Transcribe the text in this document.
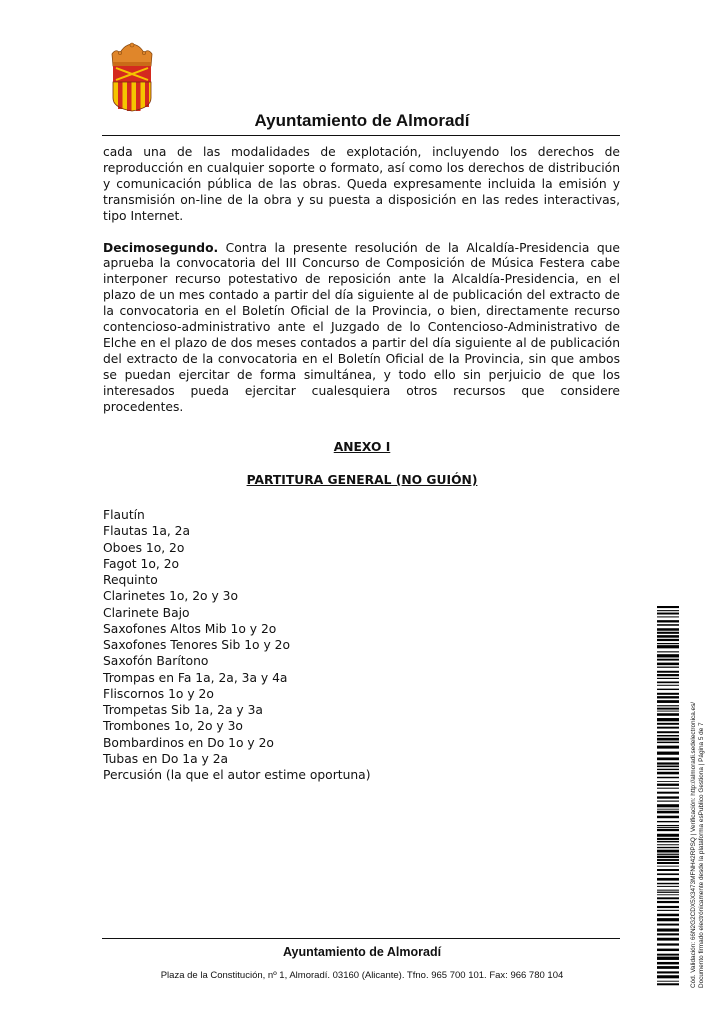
Ayuntamiento de Almoradí

cada una de las modalidades de explotación, incluyendo los derechos de reproducción en cualquier soporte o formato, así como los derechos de distribución y comunicación pública de las obras. Queda expresamente incluida la emisión y transmisión on-line de la obra y su puesta a disposición en las redes interactivas, tipo Internet.

Decimosegundo. Contra la presente resolución de la Alcaldía-Presidencia que aprueba la convocatoria del III Concurso de Composición de Música Festera cabe interponer recurso potestativo de reposición ante la Alcaldía-Presidencia, en el plazo de un mes contado a partir del día siguiente al de publicación del extracto de la convocatoria en el Boletín Oficial de la Provincia, o bien, directamente recurso contencioso-administrativo ante el Juzgado de lo Contencioso-Administrativo de Elche en el plazo de dos meses contados a partir del día siguiente al de publicación del extracto de la convocatoria en el Boletín Oficial de la Provincia, sin que ambos se puedan ejercitar de forma simultánea, y todo ello sin perjuicio de que los interesados pueda ejercitar cualesquiera otros recursos que considere procedentes.

ANEXO I
PARTITURA GENERAL (NO GUIÓN)
Flautín
Flautas 1a, 2a
Oboes 1o, 2o
Fagot 1o, 2o
Requinto
Clarinetes 1o, 2o y 3o
Clarinete Bajo
Saxofones Altos Mib 1o y 2o
Saxofones Tenores Sib 1o y 2o
Saxofón Barítono
Trompas en Fa 1a, 2a, 3a y 4a
Fliscornos 1o y 2o
Trompetas Sib 1a, 2a y 3a
Trombones 1o, 2o y 3o
Bombardinos en Do 1o y 2o
Tubas en Do 1a y 2a
Percusión (la que el autor estime oportuna)
Ayuntamiento de Almoradí
Plaza de la Constitución, nº 1, Almoradí. 03160 (Alicante). Tfno. 965 700 101. Fax: 966 780 104	Cód. Validación: 66N2G2CDX5X3473MFNH42RPSQ | Verificación: http://almoradi.sedelectronica.es/ Documento firmado electrónicamente desde la plataforma esPublico Gestiona | Página 5 de 7
